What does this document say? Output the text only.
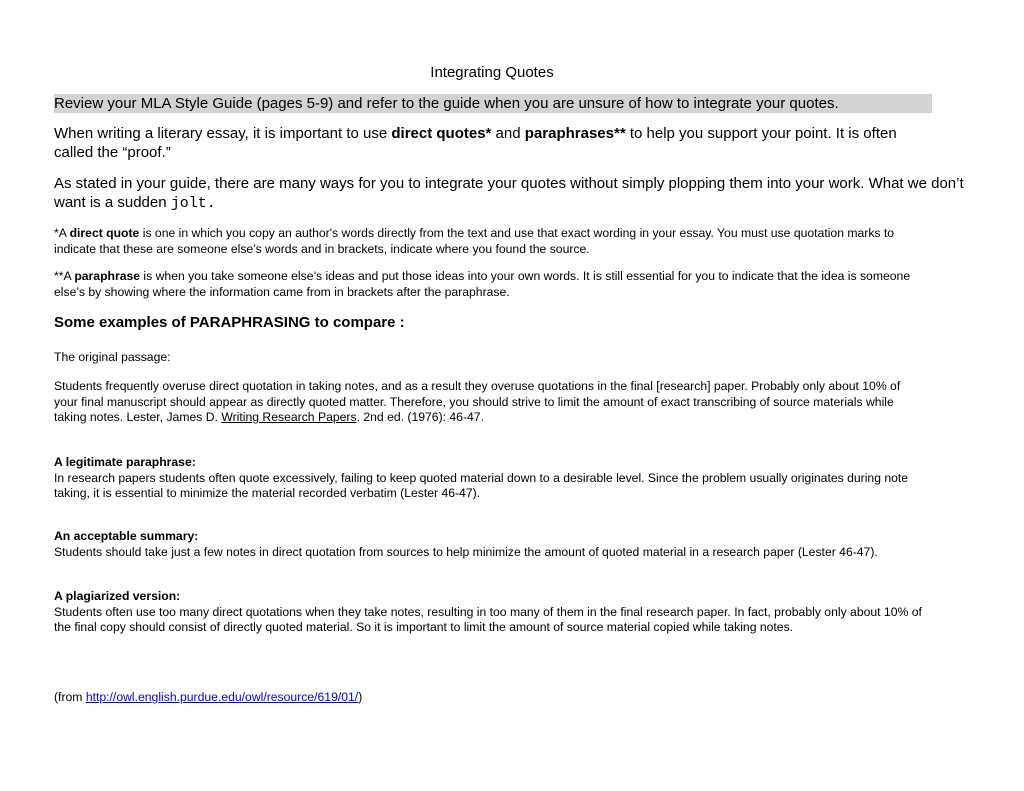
Integrating Quotes

Review your MLA Style Guide (pages 5-9) and refer to the guide when you are unsure of how to integrate your quotes.

When writing a literary essay, it is important to use direct quotes* and paraphrases** to help you support your point. It is often called the “proof.”

As stated in your guide, there are many ways for you to integrate your quotes without simply plopping them into your work. What we don’t want is a sudden jolt.

*A direct quote is one in which you copy an author's words directly from the text and use that exact wording in your essay. You must use quotation marks to indicate that these are someone else’s words and in brackets, indicate where you found the source.

**A paraphrase is when you take someone else’s ideas and put those ideas into your own words. It is still essential for you to indicate that the idea is someone else’s by showing where the information came from in brackets after the paraphrase.

Some examples of PARAPHRASING to compare :

The original passage:

Students frequently overuse direct quotation in taking notes, and as a result they overuse quotations in the final [research] paper. Probably only about 10% of your final manuscript should appear as directly quoted matter. Therefore, you should strive to limit the amount of exact transcribing of source materials while taking notes. Lester, James D. Writing Research Papers. 2nd ed. (1976): 46-47.

A legitimate paraphrase:
In research papers students often quote excessively, failing to keep quoted material down to a desirable level. Since the problem usually originates during note taking, it is essential to minimize the material recorded verbatim (Lester 46-47).

An acceptable summary:
Students should take just a few notes in direct quotation from sources to help minimize the amount of quoted material in a research paper (Lester 46-47).

A plagiarized version:
Students often use too many direct quotations when they take notes, resulting in too many of them in the final research paper. In fact, probably only about 10% of the final copy should consist of directly quoted material. So it is important to limit the amount of source material copied while taking notes.

(from http://owl.english.purdue.edu/owl/resource/619/01/)
